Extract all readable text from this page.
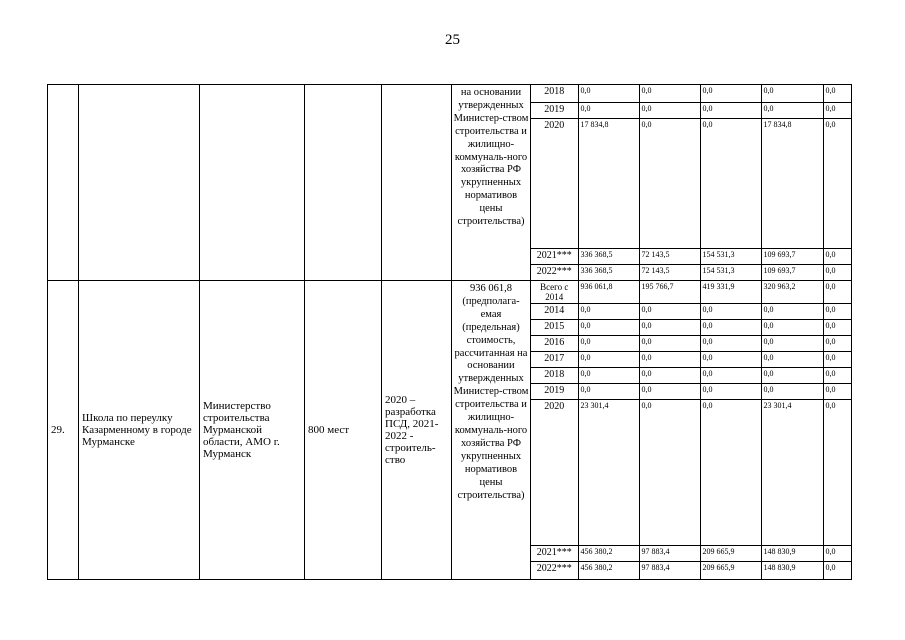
25
					на основании утвержденных Министер-ством строительства и жилищно-коммуналь-ного хозяйства РФ укрупненных нормативов цены строительства)	
2018	0,0	0,0	0,0	0,0	0,0
2019	0,0	0,0	0,0	0,0	0,0
2020	17 834,8	0,0	0,0	17 834,8	0,0
2021***	336 368,5	72 143,5	154 531,3	109 693,7	0,0
2022***	336 368,5	72 143,5	154 531,3	109 693,7	0,0

29.	Школа по переулку Казарменному в городе Мурманске	Министерство строительства Мурманской области, АМО г. Мурманск	800 мест	2020 – разработка ПСД, 2021-2022 - строитель-ство	936 061,8 (предполага-емая (предельная) стоимость, рассчитанная на основании утвержденных Министер-ством строительства и жилищно-коммуналь-ного хозяйства РФ укрупненных нормативов цены строительства)	
Всего с 2014	936 061,8	195 766,7	419 331,9	320 963,2	0,0
2014	0,0	0,0	0,0	0,0	0,0
2015	0,0	0,0	0,0	0,0	0,0
2016	0,0	0,0	0,0	0,0	0,0
2017	0,0	0,0	0,0	0,0	0,0
2018	0,0	0,0	0,0	0,0	0,0
2019	0,0	0,0	0,0	0,0	0,0
2020	23 301,4	0,0	0,0	23 301,4	0,0
2021***	456 380,2	97 883,4	209 665,9	148 830,9	0,0
2022***	456 380,2	97 883,4	209 665,9	148 830,9	0,0
